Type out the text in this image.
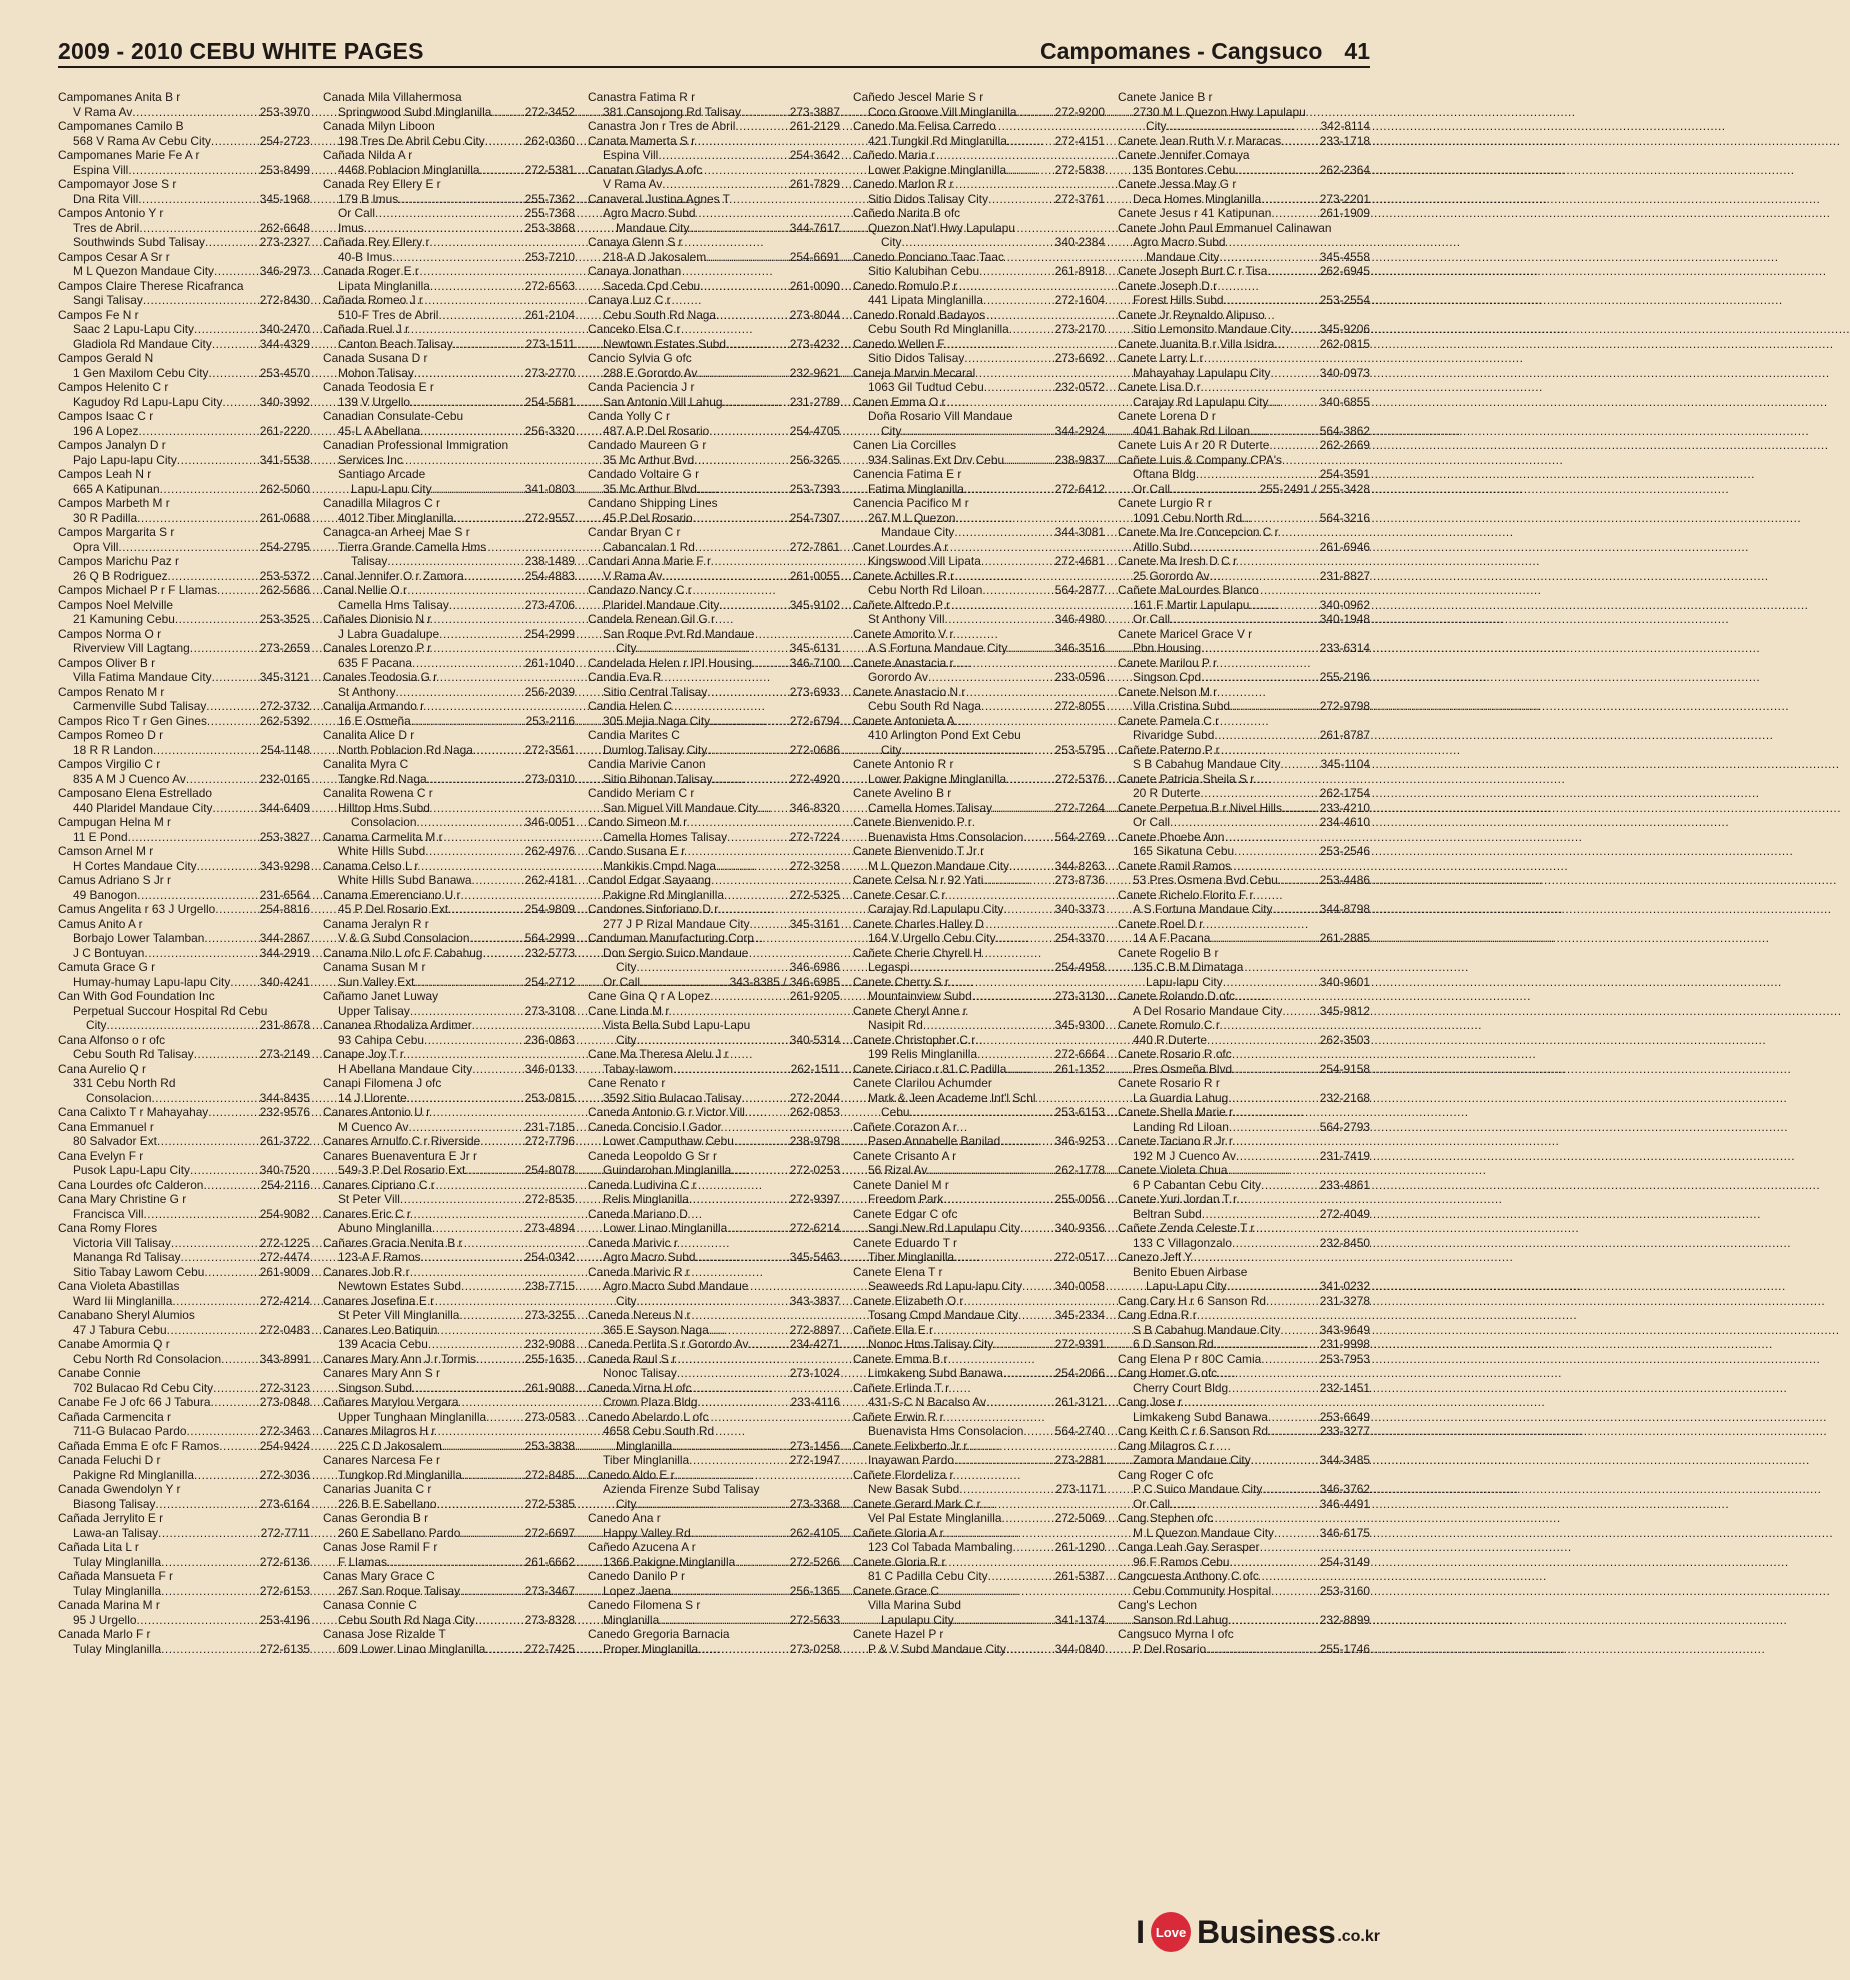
2009 - 2010 CEBU WHITE PAGES	Campomanes - Cangsuco 41
Campomanes Anita B r
V Rama Av .....	253-3970
Campomanes Camilo B
568 V Rama Av Cebu City .....	254-2723
Campomanes Marie Fe A r
Espina Vill .....	253-8499
Campomayor Jose S r
Dna Rita Vill .....	345-1968
Campos Antonio Y r
Tres de Abril .....	262-6648
Southwinds Subd Talisay .....	273-2327
Campos Cesar A Sr r
M L Quezon Mandaue City .....	346-2973
Campos Claire Therese Ricafranca
Sangi Talisay .....	272-8430
Campos Fe N r
Saac 2 Lapu-Lapu City .....	340-2470
Gladiola Rd Mandaue City .....	344-4329
Campos Gerald N
1 Gen Maxilom Cebu City .....	253-4570
Campos Helenito C r
Kagudoy Rd Lapu-Lapu City .....	340-3992
Campos Isaac C r
196 A Lopez .....	261-2220
Campos Janalyn D r
Pajo Lapu-lapu City .....	341-5538
Campos Leah N r
665 A Katipunan .....	262-5060
Campos Marbeth M r
30 R Padilla .....	261-0688
Campos Margarita S r
Opra Vill .....	254-2795
Campos Marichu Paz r
26 Q B Rodriguez .....	253-5372
Campos Michael P r F Llamas .....	262-5686
Campos Noel Melville
21 Kamuning Cebu .....	253-3525
Campos Norma O r
Riverview Vill Lagtang .....	273-2659
Campos Oliver B r
Villa Fatima Mandaue City .....	345-3121
Campos Renato M r
Carmenville Subd Talisay .....	272-3732
Campos Rico T r Gen Gines .....	262-5392
Campos Romeo D r
18 R R Landon .....	254-1148
Campos Virgilio C r
835 A M J Cuenco Av .....	232-0165
Camposano Elena Estrellado
440 Plaridel Mandaue City .....	344-6409
Campugan Helna M r
11 E Pond .....	253-3827
Camson Arnel M r
H Cortes Mandaue City .....	343-9298
Camus Adriano S Jr r
49 Banogon .....	231-6564
Camus Angelita r 63 J Urgello .....	254-8816
Camus Anito A r
Borbajo Lower Talamban .....	344-2867
J C Bontuyan .....	344-2919
Camuta Grace G r
Humay-humay Lapu-lapu City ..... 340-4241
Can With God Foundation Inc
Perpetual Succour Hospital Rd Cebu
City .....	231-8678
Cana Alfonso o r ofc
Cebu South Rd Talisay .....	273-2149
Cana Aurelio Q r
331 Cebu North Rd
Consolacion .....	344-8435
Cana Calixto T r Mahayahay .....	232-9576
Cana Emmanuel r
80 Salvador Ext .....	261-3722
Cana Evelyn F r
Pusok Lapu-Lapu City .....	340-7520
Cana Lourdes ofc Calderon .....	254-2116
Cana Mary Christine G r
Francisca Vill .....	254-9082
Cana Romy Flores
Victoria Vill Talisay .....	272-1225
Mananga Rd Talisay .....	272-4474
Sitio Tabay Lawom Cebu .....	261-9009
Cana Violeta Abastillas
Ward Iii Minglanilla .....	272-4214
Canabano Sheryl Alumios
47 J Tabura Cebu .....	272-0483
Canabe Amormia Q r
Cebu North Rd Consolacion .....	343-8991
Canabe Connie
702 Bulacao Rd Cebu City .....	272-3123
Canabe Fe J ofc 66 J Tabura .....	273-0848
Cañada Carmencita r
711-G Bulacao Pardo .....	272-3463
Cañada Emma E ofc F Ramos .....	254-9424
Canada Feluchi D r
Pakigne Rd Minglanilla .....	272-3036
Canada Gwendolyn Y r
Biasong Talisay .....	273-6164
Cañada Jerrylito E r
Lawa-an Talisay .....	272-7711
Cañada Lita L r
Tulay Minglanilla .....	272-6136
Cañada Mansueta F r
Tulay Minglanilla .....	272-6153
Canada Marina M r
95 J Urgello .....	253-4196
Canada Marlo F r
Tulay Minglanilla .....	272-6135
Canada Mila Villahermosa
Springwood Subd Minglanilla .....	272-3452
Canada Milyn Liboon
198 Tres De Abril Cebu City .....	262-0360
Cañada Nilda A r
4468 Poblacion Minglanilla .....	272-5381
Canada Rey Ellery E r
179 B Imus .....	255-7362
Or Call .....	255-7368
Imus .....	253-3868
Cañada Rey Ellery r
40-B Imus .....	253-7210
Canada Roger E r
Lipata Minglanilla .....	272-6563
Cañada Romeo J r
510-F Tres de Abril .....	261-2104
Cañada Ruel J r
Canton Beach Talisay .....	273-1511
Canada Susana D r
Mohon Talisay .....	273-2770
Canada Teodosia E r
139 V Urgello .....	254-5681
Canadian Consulate-Cebu
45-L A Abellana .....	256-3320
Canadian Professional Immigration
Services Inc
Santiago Arcade
Lapu-Lapu City .....	341-0803
Canadilla Milagros C r
4012 Tiber Minglanilla .....	272-9557
Canagca-an Arheej Mae S r
Tierra Grande Camella Hms
Talisay .....	238-1489
Canal Jennifer O r Zamora .....	254-4883
Canal Nellie O r
Camella Hms Talisay .....	273-4706
Cañales Dionisio N r
J Labra Guadalupe .....	254-2999
Canales Lorenzo P r
635 F Pacana .....	261-1040
Canales Teodosia G r
St Anthony .....	256-2039
Canalija Armando r
16 E Osmeña .....	253-2116
Canalita Alice D r
North Poblacion Rd Naga .....	272-3561
Canalita Myra C
Tangke Rd Naga .....	273-0310
Canalita Rowena C r
Hilltop Hms Subd
Consolacion .....	346-0051
Canama Carmelita M r
White Hills Subd .....	262-4976
Canama Celso L r
White Hills Subd Banawa .....	262-4181
Canama Emerenciano U r
45 P Del Rosario Ext .....	254-9809
Canama Jeralyn R r
V & G Subd Consolacion .....	564-2999
Canama Nilo L ofc F Cabahug .....	232-5773
Canama Susan M r
Sun Valley Ext .....	254-2712
Cañamo Janet Luway
Upper Talisay .....	273-3108
Cananea Rhodaliza Ardimer
93 Cahipa Cebu .....	236-0863
Canape Joy T r
H Abellana Mandaue City .....	346-0133
Canapi Filomena J ofc
14 J Llorente .....	253-0815
Canares Antonio U r
M Cuenco Av .....	231-7185
Canares Arnulfo C r Riverside .....	272-7796
Canares Buenaventura E Jr r
549-3 P Del Rosario Ext .....	254-8078
Canares Cipriano C r
St Peter Vill .....	272-8535
Canares Eric C r
Abuno Minglanilla .....	273-4894
Cañares Gracia Nenita B r
123-A F Ramos .....	254-0342
Canares Job R r
Newtown Estates Subd .....	238-7715
Canares Josefina E r
St Peter Vill Minglanilla .....	273-3255
Canares Leo Batiquin
139 Acacia Cebu .....	232-9088
Canares Mary Ann J r Tormis .....	255-1635
Canares Mary Ann S r
Singson Subd .....	261-9088
Cañares Marylou Vergara
Upper Tunghaan Minglanilla .....	273-0583
Canares Milagros H r
225 C D Jakosalem .....	253-3838
Canares Narcesa Fe r
Tungkop Rd Minglanilla .....	272-8485
Canarias Juanita C r
226 B E Sabellano .....	272-5385
Canas Gerondia B r
260 E Sabellano Pardo .....	272-6697
Canas Jose Ramil F r
F Llamas .....	261-6662
Canas Mary Grace C
267 San Roque Talisay .....	273-3467
Canasa Connie C
Cebu South Rd Naga City .....	273-8328
Canasa Jose Rizalde T
609 Lower Linao Minglanilla .....	272-7425
Canastra Fatima R r
381 Cansojong Rd Talisay .....	273-3887
Canastra Jon r Tres de Abril .....	261-2129
Canata Mamerta S r
Espina Vill .....	254-3642
Canatan Gladys A ofc
V Rama Av .....	261-7829
Canaveral Justina Agnes T
Agro Macro Subd
Mandaue City .....	344-7617
Canaya Glenn S r
218-A D Jakosalem .....	254-6691
Canaya Jonathan
Saceda Cpd Cebu .....	261-0090
Canaya Luz C r
Cebu South Rd Naga .....	273-8044
Canceko Elsa C r
Newtown Estates Subd .....	273-4232
Cancio Sylvia G ofc
288 E Gorordo Av .....	232-9621
Canda Paciencia J r
San Antonio Vill Lahug .....	231-2789
Canda Yolly C r
487 A P Del Rosario .....	254-4705
Candado Maureen G r
35 Mc Arthur Bvd .....	256-3265
Candado Voltaire G r
35 Mc Arthur Blvd .....	253-7393
Candano Shipping Lines
45 P Del Rosario .....	254-7307
Candar Bryan C r
Cabancalan 1 Rd .....	272-7861
Candari Anna Marie F r
V Rama Av .....	261-0055
Candazo Nancy C r
Plaridel Mandaue City .....	345-9102
Candela Renean Gil G r
San Roque Pvt Rd Mandaue
City .....	345-6131
Candelada Helen r IPI Housing .....	346-7100
Candia Eva R
Sitio Central Talisay .....	273-6933
Candia Helen C
305 Mejia Naga City .....	272-6794
Candia Marites C
Dumlog Talisay City .....	272-0686
Candia Marivie Canon
Sitio Bihonan Talisay .....	272-4920
Candido Meriam C r
San Miguel Vill Mandaue City .....	346-8320
Cando Simeon M r
Camella Homes Talisay .....	272-7224
Cando Susana E r
Mankikis Cmpd Naga .....	272-3258
Candol Edgar Sayaang
Pakigne Rd Minglanilla .....	272-5325
Candones Sinforiano D r
277 J P Rizal Mandaue City .....	345-3161
Canduman Manufacturing Corp
Don Sergio Suico Mandaue
City .....	346-6986
Or Call .....	343-8385 / 346-6985
Cane Gina Q r A Lopez .....	261-9205
Cane Linda M r
Vista Bella Subd Lapu-Lapu
City .....	340-5314
Cane Ma Theresa Alelu J r
Tabay-lawom .....	262-1511
Cane Renato r
3592 Sitio Bulacao Talisay .....	272-2044
Caneda Antonio G r Victor Vill .....	262-0853
Caneda Concisio I Gador
Lower Camputhaw Cebu .....	238-9798
Caneda Leopoldo G Sr r
Guindarohan Minglanilla .....	272-0253
Caneda Ludivina C r
Relis Minglanilla .....	272-9397
Caneda Mariano D
Lower Linao Minglanilla .....	272-6214
Caneda Marivic r
Agro Macro Subd .....	345-5463
Caneda Marivic R r
Agro Macro Subd Mandaue
City .....	343-3837
Caneda Nereus N r
365 E Sayson Naga .....	272-8897
Caneda Perlita S r Gorordo Av .....	234-4271
Caneda Raul S r
Nonoc Talisay .....	273-1024
Caneda Virna H ofc
Crown Plaza Bldg .....	233-4116
Canedo Abelardo L ofc
4658 Cebu South Rd
Minglanilla .....	273-1456
Tiber Minglanilla .....	272-1947
Canedo Aldo E r
Azienda Firenze Subd Talisay
City .....	273-3368
Canedo Ana r
Happy Valley Rd .....	262-4105
Cañedo Azucena A r
1366 Pakigne Minglanilla .....	272-5266
Canedo Danilo P r
Lopez Jaena .....	256-1365
Canedo Filomena S r
Minglanilla .....	272-5633
Canedo Gregoria Barnacia
Proper Minglanilla .....	273-0258
Cañedo Jescel Marie S r
Coco Groove Vill Minglanilla .....	272-9200
Canedo Ma Felisa Carredo
421 Tungkil Rd Minglanilla .....	272-4151
Cañedo Maria r
Lower Pakigne Minglanilla .....	272-5838
Canedo Marlon R r
Sitio Didos Talisay City .....	272-3761
Cañedo Narita B ofc
Quezon Nat'l Hwy Lapulapu
City .....	340-2384
Canedo Ponciano Taac Taac
Sitio Kalubihan Cebu .....	261-8918
Canedo Romulo P r
441 Lipata Minglanilla .....	272-1604
Canedo Ronald Badayos
Cebu South Rd Minglanilla .....	273-2170
Canedo Wellen F
Sitio Didos Talisay .....	273-6692
Caneja Marvin Mecaral
1063 Gil Tudtud Cebu .....	232-0572
Canen Emma O r
Doña Rosario Vill Mandaue
City .....	344-2924
Canen Lia Corcilles
934 Salinas Ext Drv Cebu .....	238-9837
Canencia Fatima E r
Fatima Minglanilla .....	272-6412
Canencia Pacifico M r
267 M L Quezon
Mandaue City .....	344-3081
Canet Lourdes A r
Kingswood Vill Lipata .....	272-4681
Canete Achilles R r
Cebu North Rd Liloan .....	564-2877
Cañete Alfredo P r
St Anthony Vill .....	346-4980
Canete Amorito V r
A S Fortuna Mandaue City .....	346-3516
Canete Anastacia r
Gorordo Av .....	233-0596
Canete Anastacio N r
Cebu South Rd Naga .....	272-8055
Canete Antonieta A
410 Arlington Pond Ext Cebu
City .....	253-5795
Canete Antonio R r
Lower Pakigne Minglanilla .....	272-5376
Canete Avelino B r
Camella Homes Talisay .....	272-7264
Canete Bienvenido P r
Buenavista Hms Consolacion .....	564-2769
Canete Bienvenido T Jr r
M L Quezon Mandaue City .....	344-8263
Canete Celsa N r 92 Yati .....	273-8736
Canete Cesar C r
Carajay Rd Lapulapu City .....	340-3373
Canete Charles Halley D
164 V Urgello Cebu City .....	254-3370
Cañete Cherie Chyrell H
Legaspi .....	254-4958
Canete Cherry S r
Mountainview Subd .....	273-3130
Canete Cheryl Anne r
Nasipit Rd .....	345-9300
Canete Christopher C r
199 Relis Minglanilla .....	272-6664
Canete Ciriaco r 81 C Padilla .....	261-1352
Canete Clarilou Achumder
Mark & Jeen Academe Int'l Schl
Cebu .....	253-6153
Cañete Corazon A r
Paseo Annabelle Banilad .....	346-9253
Canete Crisanto A r
56 Rizal Av .....	262-1778
Canete Daniel M r
Freedom Park .....	255-0056
Canete Edgar C ofc
Sangi New Rd Lapulapu City .....	340-9356
Canete Eduardo T r
Tiber Minglanilla .....	272-0517
Canete Elena T r
Seaweeds Rd Lapu-lapu City .....	340-0058
Canete Elizabeth O r
Tosang Cmpd Mandaue City .....	345-2334
Cañete Ella E r
Nonoc Hms Talisay City .....	272-9391
Canete Emma B r
Limkakeng Subd Banawa .....	254-2066
Cañete Erlinda T r
431-S-C N Bacalso Av .....	261-3121
Cañete Erwin R r
Buenavista Hms Consolacion .....	564-2740
Canete Felixberto Jr r
Inayawan Pardo .....	273-2881
Cañete Flordeliza r
New Basak Subd .....	273-1171
Canete Gerard Mark C r
Vel Pal Estate Minglanilla .....	272-5069
Cañete Gloria A r
123 Col Tabada Mambaling .....	261-1290
Canete Gloria R r
81 C Padilla Cebu City .....	261-5387
Canete Grace C
Villa Marina Subd
Lapulapu City .....	341-1374
Canete Hazel P r
P & V Subd Mandaue City .....	344-0840
Canete Janice B r
2730 M L Quezon Hwy Lapulapu
City .....	342-8114
Canete Jean Ruth V r Maracas .....	233-1718
Canete Jennifer Comaya
135 Bontores Cebu .....	262-2364
Canete Jessa May G r
Deca Homes Minglanilla .....	273-2201
Canete Jesus r 41 Katipunan .....	261-1909
Canete John Paul Emmanuel Calinawan
Agro Macro Subd
Mandaue City .....	345-4558
Canete Joseph Burt C r Tisa .....	262-6945
Canete Joseph D r
Forest Hills Subd .....	253-2554
Canete Jr Reynaldo Alipuso
Sitio Lemonsito Mandaue City ..... 345-9206
Canete Juanita B r Villa Isidra .....	262-0815
Canete Larry L r
Mahayahay Lapulapu City .....	340-0973
Canete Lisa D r
Carajay Rd Lapulapu City .....	340-6855
Canete Lorena D r
4041 Bahak Rd Liloan .....	564-3862
Canete Luis A r 20 R Duterte .....	262-2669
Cañete Luis & Company CPA's
Oftana Bldg .....	254-3591
Or Call .....	255-2491 / 255-3428
Canete Lurgio R r
1091 Cebu North Rd .....	564-3216
Canete Ma Ire Concepcion C r
Atillo Subd .....	261-6946
Canete Ma Iresh D C r
25 Gorordo Av .....	231-8827
Cañete MaLourdes Blanco
161 F Martir Lapulapu .....	340-0962
Or Call .....	340-1948
Canete Maricel Grace V r
Pbn Housing .....	233-6314
Canete Marilou P r
Singson Cpd .....	255-2196
Canete Nelson M r
Villa Cristina Subd .....	272-9798
Canete Pamela C r
Rivaridge Subd .....	261-8787
Cañete Paterno P r
S B Cabahug Mandaue City .....	345-1104
Canete Patricia Sheila S r
20 R Duterte .....	262-1754
Canete Perpetua B r Nivel Hills .....	233-4210
Or Call .....	234-4610
Canete Phoebe Ann
165 Sikatuna Cebu .....	253-2546
Canete Ramil Ramos
53 Pres Osmena Bvd Cebu .....	253-4486
Canete Richelo Florito F r
A S Fortuna Mandaue City .....	344-8798
Canete Roel D r
14 A F Pacana .....	261-2885
Canete Rogelio B r
135 C B M Dimataga
Lapu-lapu City .....	340-9601
Canete Rolando D ofc
A Del Rosario Mandaue City .....	345-9812
Canete Romulo C r
440 R Duterte .....	262-3503
Canete Rosario R ofc
Pres Osmeña Blvd .....	254-9158
Canete Rosario R r
La Guardia Lahug .....	232-2168
Canete Shella Marie r
Landing Rd Liloan .....	564-2793
Canete Taciano R Jr r
192 M J Cuenco Av .....	231-7419
Canete Violeta Chua
6 P Cabantan Cebu City .....	233-4861
Canete Yuri Jordan T r
Beltran Subd .....	272-4049
Cañete Zenda Celeste T r
133 C Villagonzalo .....	232-8450
Canezo Jeff Y
Benito Ebuen Airbase
Lapu-Lapu City .....	341-0232
Cang Cary H r 6 Sanson Rd .....	231-3278
Cang Edna R r
S B Cabahug Mandaue City .....	343-9649
6 D Sanson Rd .....	231-9998
Cang Elena P r 80C Camia .....	253-7953
Cang Homer G ofc
Cherry Court Bldg .....	232-1451
Cang Jose r
Limkakeng Subd Banawa .....	253-6649
Cang Keith C r 6 Sanson Rd .....	233-3277
Cang Milagros C r
Zamora Mandaue City .....	344-3485
Cang Roger C ofc
P C Suico Mandaue City .....	346-3762
Or Call .....	346-4491
Cang Stephen ofc
M L Quezon Mandaue City .....	346-6175
Canga Leah Gay Serasper
96 F Ramos Cebu .....	254-3149
Cangcuesta Anthony C ofc
Cebu Community Hospital .....	253-3160
Cang's Lechon
Sanson Rd Lahug .....	232-8899
Cangsuco Myrna I ofc
P Del Rosario .....	255-1746
I Love Business .co.kr
